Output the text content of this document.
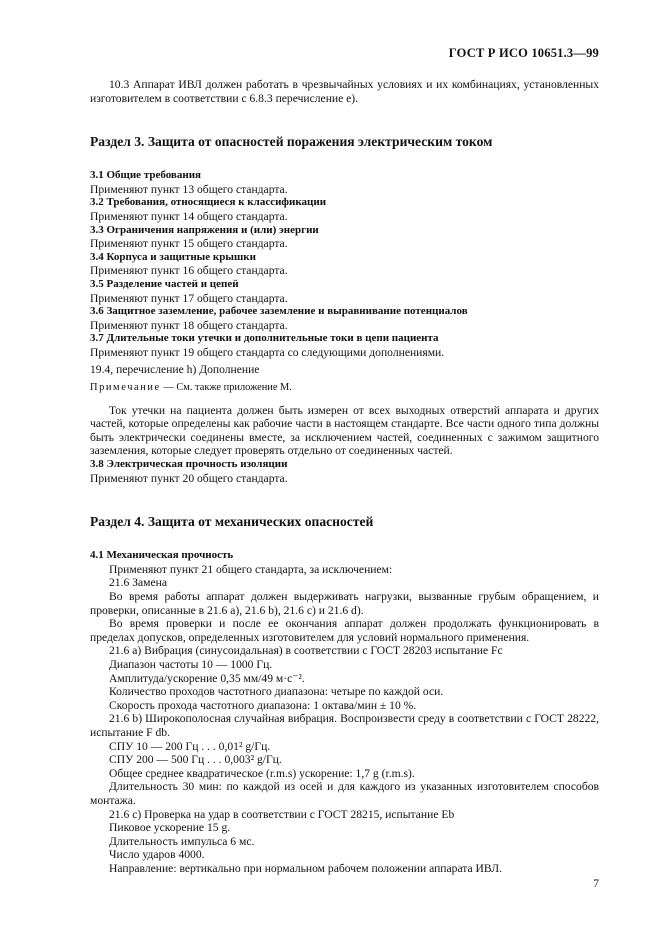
ГОСТ Р ИСО 10651.3—99

10.3 Аппарат ИВЛ должен работать в чрезвычайных условиях и их комбинациях, установленных изготовителем в соответствии с 6.8.3 перечисление е).

Раздел 3. Защита от опасностей поражения электрическим током

3.1 Общие требования

Применяют пункт 13 общего стандарта.

3.2 Требования, относящиеся к классификации

Применяют пункт 14 общего стандарта.

3.3 Ограничения напряжения и (или) энергии

Применяют пункт 15 общего стандарта.

3.4 Корпуса и защитные крышки

Применяют пункт 16 общего стандарта.

3.5 Разделение частей и цепей

Применяют пункт 17 общего стандарта.

3.6 Защитное заземление, рабочее заземление и выравнивание потенциалов

Применяют пункт 18 общего стандарта.

3.7 Длительные токи утечки и дополнительные токи в цепи пациента

Применяют пункт 19 общего стандарта со следующими дополнениями.

19.4, перечисление h) Дополнение

Примечание — См. также приложение М.

Ток утечки на пациента должен быть измерен от всех выходных отверстий аппарата и других частей, которые определены как рабочие части в настоящем стандарте. Все части одного типа должны быть электрически соединены вместе, за исключением частей, соединенных с зажимом защитного заземления, которые следует проверять отдельно от соединенных частей.

3.8 Электрическая прочность изоляции

Применяют пункт 20 общего стандарта.

Раздел 4. Защита от механических опасностей

4.1 Механическая прочность

Применяют пункт 21 общего стандарта, за исключением:

21.6 Замена

Во время работы аппарат должен выдерживать нагрузки, вызванные грубым обращением, и проверки, описанные в 21.6 а), 21.6 b), 21.6 c) и 21.6 d).

Во время проверки и после ее окончания аппарат должен продолжать функционировать в пределах допусков, определенных изготовителем для условий нормального применения.

21.6 а) Вибрация (синусоидальная) в соответствии с ГОСТ 28203 испытание Fc

Диапазон частоты 10 — 1000 Гц.

Амплитуда/ускорение 0,35 мм/49 м·с⁻².

Количество проходов частотного диапазона: четыре по каждой оси.

Скорость прохода частотного диапазона: 1 октава/мин ± 10 %.

21.6 b) Широкополосная случайная вибрация. Воспроизвести среду в соответствии с ГОСТ 28222, испытание F db.

СПУ 10 — 200 Гц . . . 0,01² g/Гц.

СПУ 200 — 500 Гц . . . 0,003² g/Гц.

Общее среднее квадратическое (r.m.s) ускорение: 1,7 g (r.m.s).

Длительность 30 мин: по каждой из осей и для каждого из указанных изготовителем способов монтажа.

21.6 c) Проверка на удар в соответствии с ГОСТ 28215, испытание Eb

Пиковое ускорение 15 g.

Длительность импульса 6 мс.

Число ударов 4000.

Направление: вертикально при нормальном рабочем положении аппарата ИВЛ.

7
